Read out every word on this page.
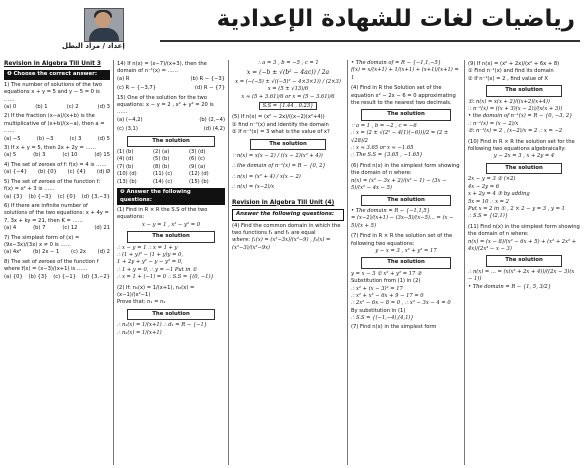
إعداد / مراد البطل
رياضيات لغات للشهادة الإعدادية
Revision in Algebra Till Unit 3
❶ Choose the correct answer:
1) The number of solutions of the two equations x + y = 5 and y − 5 = 0 is ……
(a) 0	(b) 1	(c) 2	(d) 3
2) If the fraction (x−a)/(x+b) is the multiplicative of (x+b)/(x−a), then a = ……
(a) −5	(b) −3	(c) 3	(d) 5
3) If x + y = 5, then 2x + 2y = ……
(a) 5	(b) 3	(c) 10	(d) 15
4) The set of zeroes of f: f(x) = 4 is ……
(a) {−4} (b) {0} (c) {4} (d) Ø
5) The set of zeroes of the function f: f(x) = x² + 3 is ……
(a) {3} (b) {−3} (c) {0} (d) {3,−3}
6) If there are infinite number of solutions of the two equations: x + 4y = 7, 3x + ky = 21, then K = ……
(a) 4	(b) 7	(c) 12	(d) 21
7) The simplest form of (x) = (9x−3x)/(3x) x ≠ 0 is ……
(a) 4x² (b) 2x − 1 (c) 2x (d) 2
8) The set of zeroes of the function f where f(x) = (x−3)/(x+1) is ……
(a) {0} (b) {3} (c) {−1} (d) {3,−2}
14) If n(x) = (x−7)/(x+3), then the domain of n⁻¹(x) = ……
(a) R	(b) R − {−3}
(c) R − {−3,7}	(d) R − {7}
15) One of the solution for the two equations: x − y = 2 , x² + y² = 20 is ……
(a) (−4,2)	(b) (2,−4)
(c) (3,1)	(d) (4,2)
The solution
(1) (b)	(2) (a)	(3) (d)
(4) (d)	(5) (b)	(6) (c)
(7) (b)	(8) (b)	(9) (a)
(10) (d)	(11) (c)	(12) (d)
(13) (b)	(14) (c)	(15) (b)
❷ Answer the following questions:
(1) Find in R × R the S.S of the two equations:
x − y = 1 , x² − y² = 0
The solution
∴ x − y = 1 ∴ x = 1 + y
∴ (1 + y)² − (1 + y)y = 0,
1 + 2y + y² − y − y² = 0,
∴ 1 + y = 0, ∴ y = −1 Put in ①
∴ x = 1 + (−1) = 0 ∴ S.S = {(0, −1)}
(2) If: n₁(x) = 1/(x+1), n₂(x) = (x−1)/(x²−1)
Prove that: n₁ = n₂
The solution
∴ n₁(x) = 1/(x+1) ∴ d₁ = R − {−1}
∴ n₂(x) = 1/(x+1)
∴ a = 3 , b = −5 , c = 1
x = (−b ± √(b² − 4ac)) / 2a
x = (−(−5) ± √((−5)² − 4×3×1)) / (2×3)
x = (5 ± √13)/6
x ≈ (5 + 3.61)/6 or x = (5 − 3.61)/6
S.S = {1.44 , 0.23}
(5) If n(x) = (x² − 2x)/((x−2)(x²+4))
① find n⁻¹(x) and identify the domain
② If n⁻¹(x) = 3 what is the value of x?
The solution
∵ n(x) = x(x − 2) / ((x − 2)(x² + 4))
∴ the domain of n⁻¹(x) = R − {0, 2}
∴ n(x) = (x² + 4) / x(x − 2)
∴ n(x) = (x−2)/x
Revision in Algebra Till Unit (4)
Answer the following questions:
(4) Find the common domain in which the two functions f₁ and f₂ are equal
where: f₁(x) = (x²−3x)/(x²−9) , f₂(x) = (x²−3)/(x²−9x)
• The domain of = R − {−1,1,−5}
f(x) = x/(x+1) + 1/(x+1) + (x+1)/(x+1) = 1
(4) Find in R the Solution set of the equation x² − 2x − 6 = 0 approximating the result to the nearest two decimals.
The solution
∵ a = 1 , b = −2 , c = −6
∴ x = (2 ± √(2² − 4(1)(−6)))/2 = (2 ± √28)/2
∴ x ≈ 3.65 or x ≈ −1.65
∴ The S.S = {3.65 , −1.65}
(6) Find n(x) in the simplest form showing the domain of n where:
n(x) = (x² − 3x + 2)/(x² − 1) − (3x − 5)/(x² − 4x − 5)
The solution
• The domain = R − {−1,1,5}
= (x−2)/(x+1) − (3x−5)/(x−5)... = (x − 5)/(x + 5)
(7) Find in R × R the solution set of the following two equations:
y − x = 3 , x² + y² = 17
The solution
y = x − 3 ① x² + y² = 17 ②
Substitution from (1) in (2)
∴ x² + (x − 3)² = 17
∴ x² + x² − 6x + 9 − 17 = 0
∴ 2x² − 6x − 8 = 0 , ∴ x² − 3x − 4 = 0
By substitution in (1)
∴ S.S = {(−1,−4),(4,1)}
(7) Find n(x) in the simplest form
(9) If n(x) = (x² + 2x)/(x² + 6x + 8)
① Find n⁻¹(x) and find its domain
② If n⁻¹(x) = 2 , find value of X
The solution
①: n(x) = x(x + 2)/((x+2)(x+4))
∴ n⁻¹(x) = ((x + 3)(x − 2))/(x(x + 3))
• the domain of n⁻¹(x) = R − {0, −3, 2}
∴ n⁻¹(x) = (x − 2)/x
②: n⁻¹(x) = 2 , (x−2)/x = 2 ∴ x = −2
(10) Find in R × R the solution set for the following two equations algebraically:
y − 2x = 3 , x + 2y = 4
The solution
2x − y = 3 ② (×2)
4x − 2y = 6
x + 2y = 4 ③ by adding
5x = 10 ∴ x = 2
Put x = 2 in ① , 2 × 2 − y = 3 , y = 1
∴ S.S = {(2,1)}
(11) Find n(x) in the simplest form showing the domain of n where:
n(x) = (x − 8)/(x² − 6x + 5) + (x² + 2x² + 4x)/(2x³ − x − 3)
The solution
∴ n(x) = ... = (x(x² + 2x + 4))/((2x − 3)(x − 1))
• The domain = R − {1, 5, 3/2}
